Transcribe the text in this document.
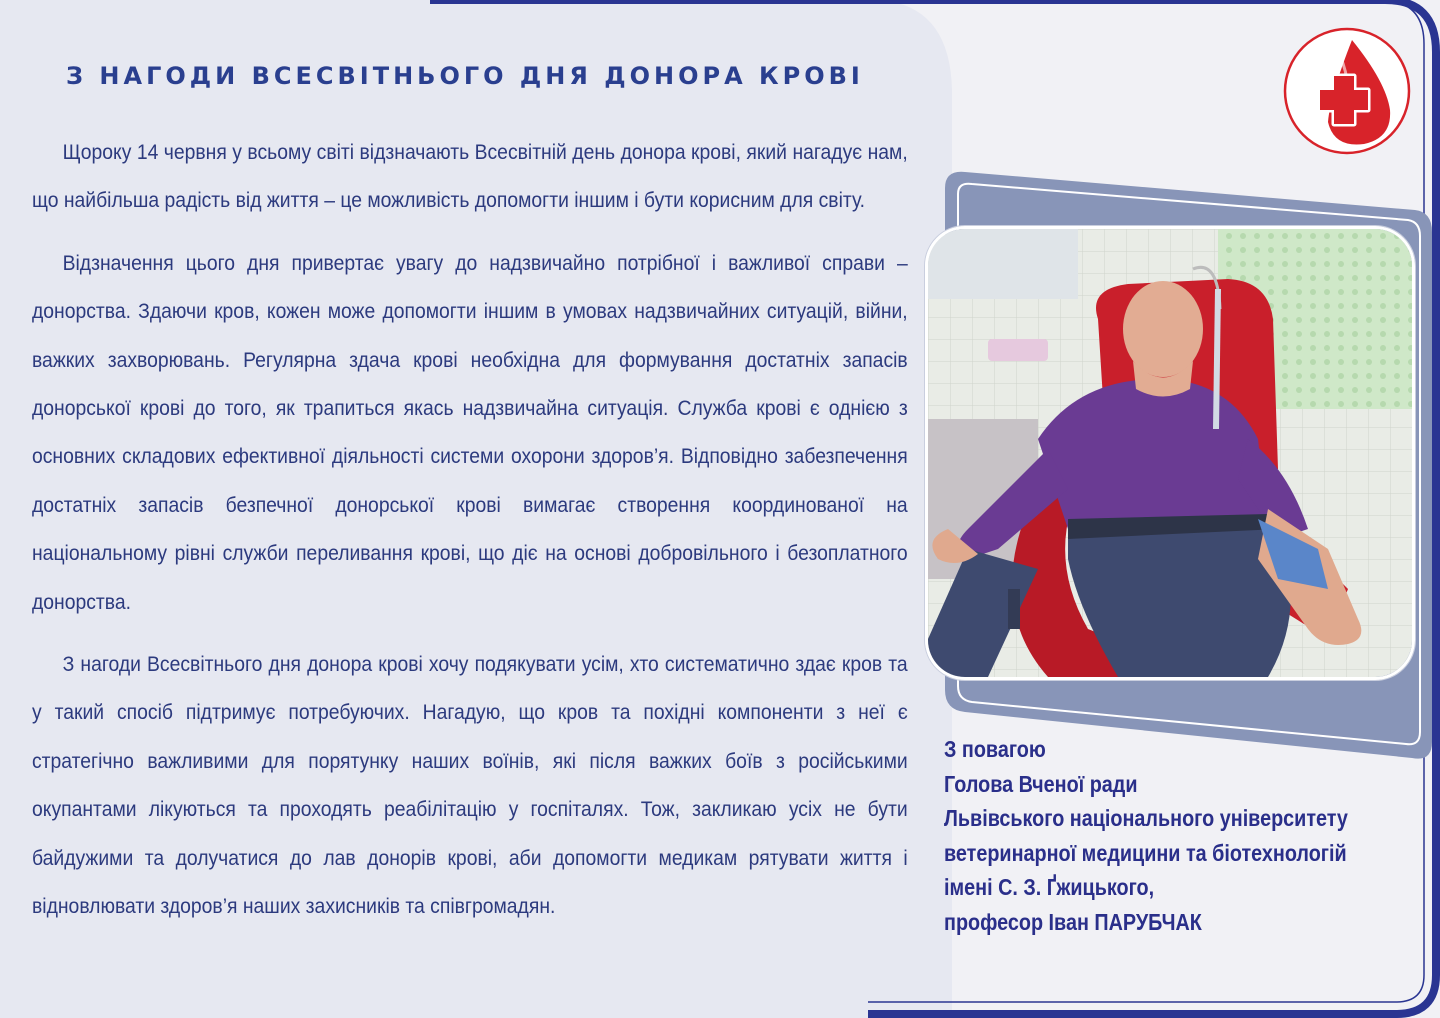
З НАГОДИ ВСЕСВІТНЬОГО ДНЯ ДОНОРА КРОВІ

Щороку 14 червня у всьому світі відзначають Всесвітній день донора крові, який нагадує нам, що найбільша радість від життя – це можливість допомогти іншим і бути корисним для світу.

Відзначення цього дня привертає увагу до надзвичайно потрібної і важливої справи – донорства. Здаючи кров, кожен може допомогти іншим в умовах надзвичайних ситуацій, війни, важких захворювань. Регулярна здача крові необхідна для формування достатніх запасів донорської крові до того, як трапиться якась надзвичайна ситуація. Служба крові є однією з основних складових ефективної діяльності системи охорони здоров’я. Відповідно забезпечення достатніх запасів безпечної донорської крові вимагає створення координованої на національному рівні служби переливання крові, що діє на основі добровільного і безоплатного донорства.

З нагоди Всесвітнього дня донора крові хочу подякувати усім, хто систематично здає кров та у такий спосіб підтримує потребуючих. Нагадую, що кров та похідні компоненти з неї є стратегічно важливими для порятунку наших воїнів, які після важких боїв з російськими окупантами лікуються та проходять реабілітацію у госпіталях. Тож, закликаю усіх не бути байдужими та долучатися до лав донорів крові, аби допомогти медикам рятувати життя і відновлювати здоров’я наших захисників та співгромадян.

З повагою
Голова Вченої ради
Львівського національного університету
ветеринарної медицини та біотехнологій
імені С. З. Ґжицького,
професор Іван ПАРУБЧАК
